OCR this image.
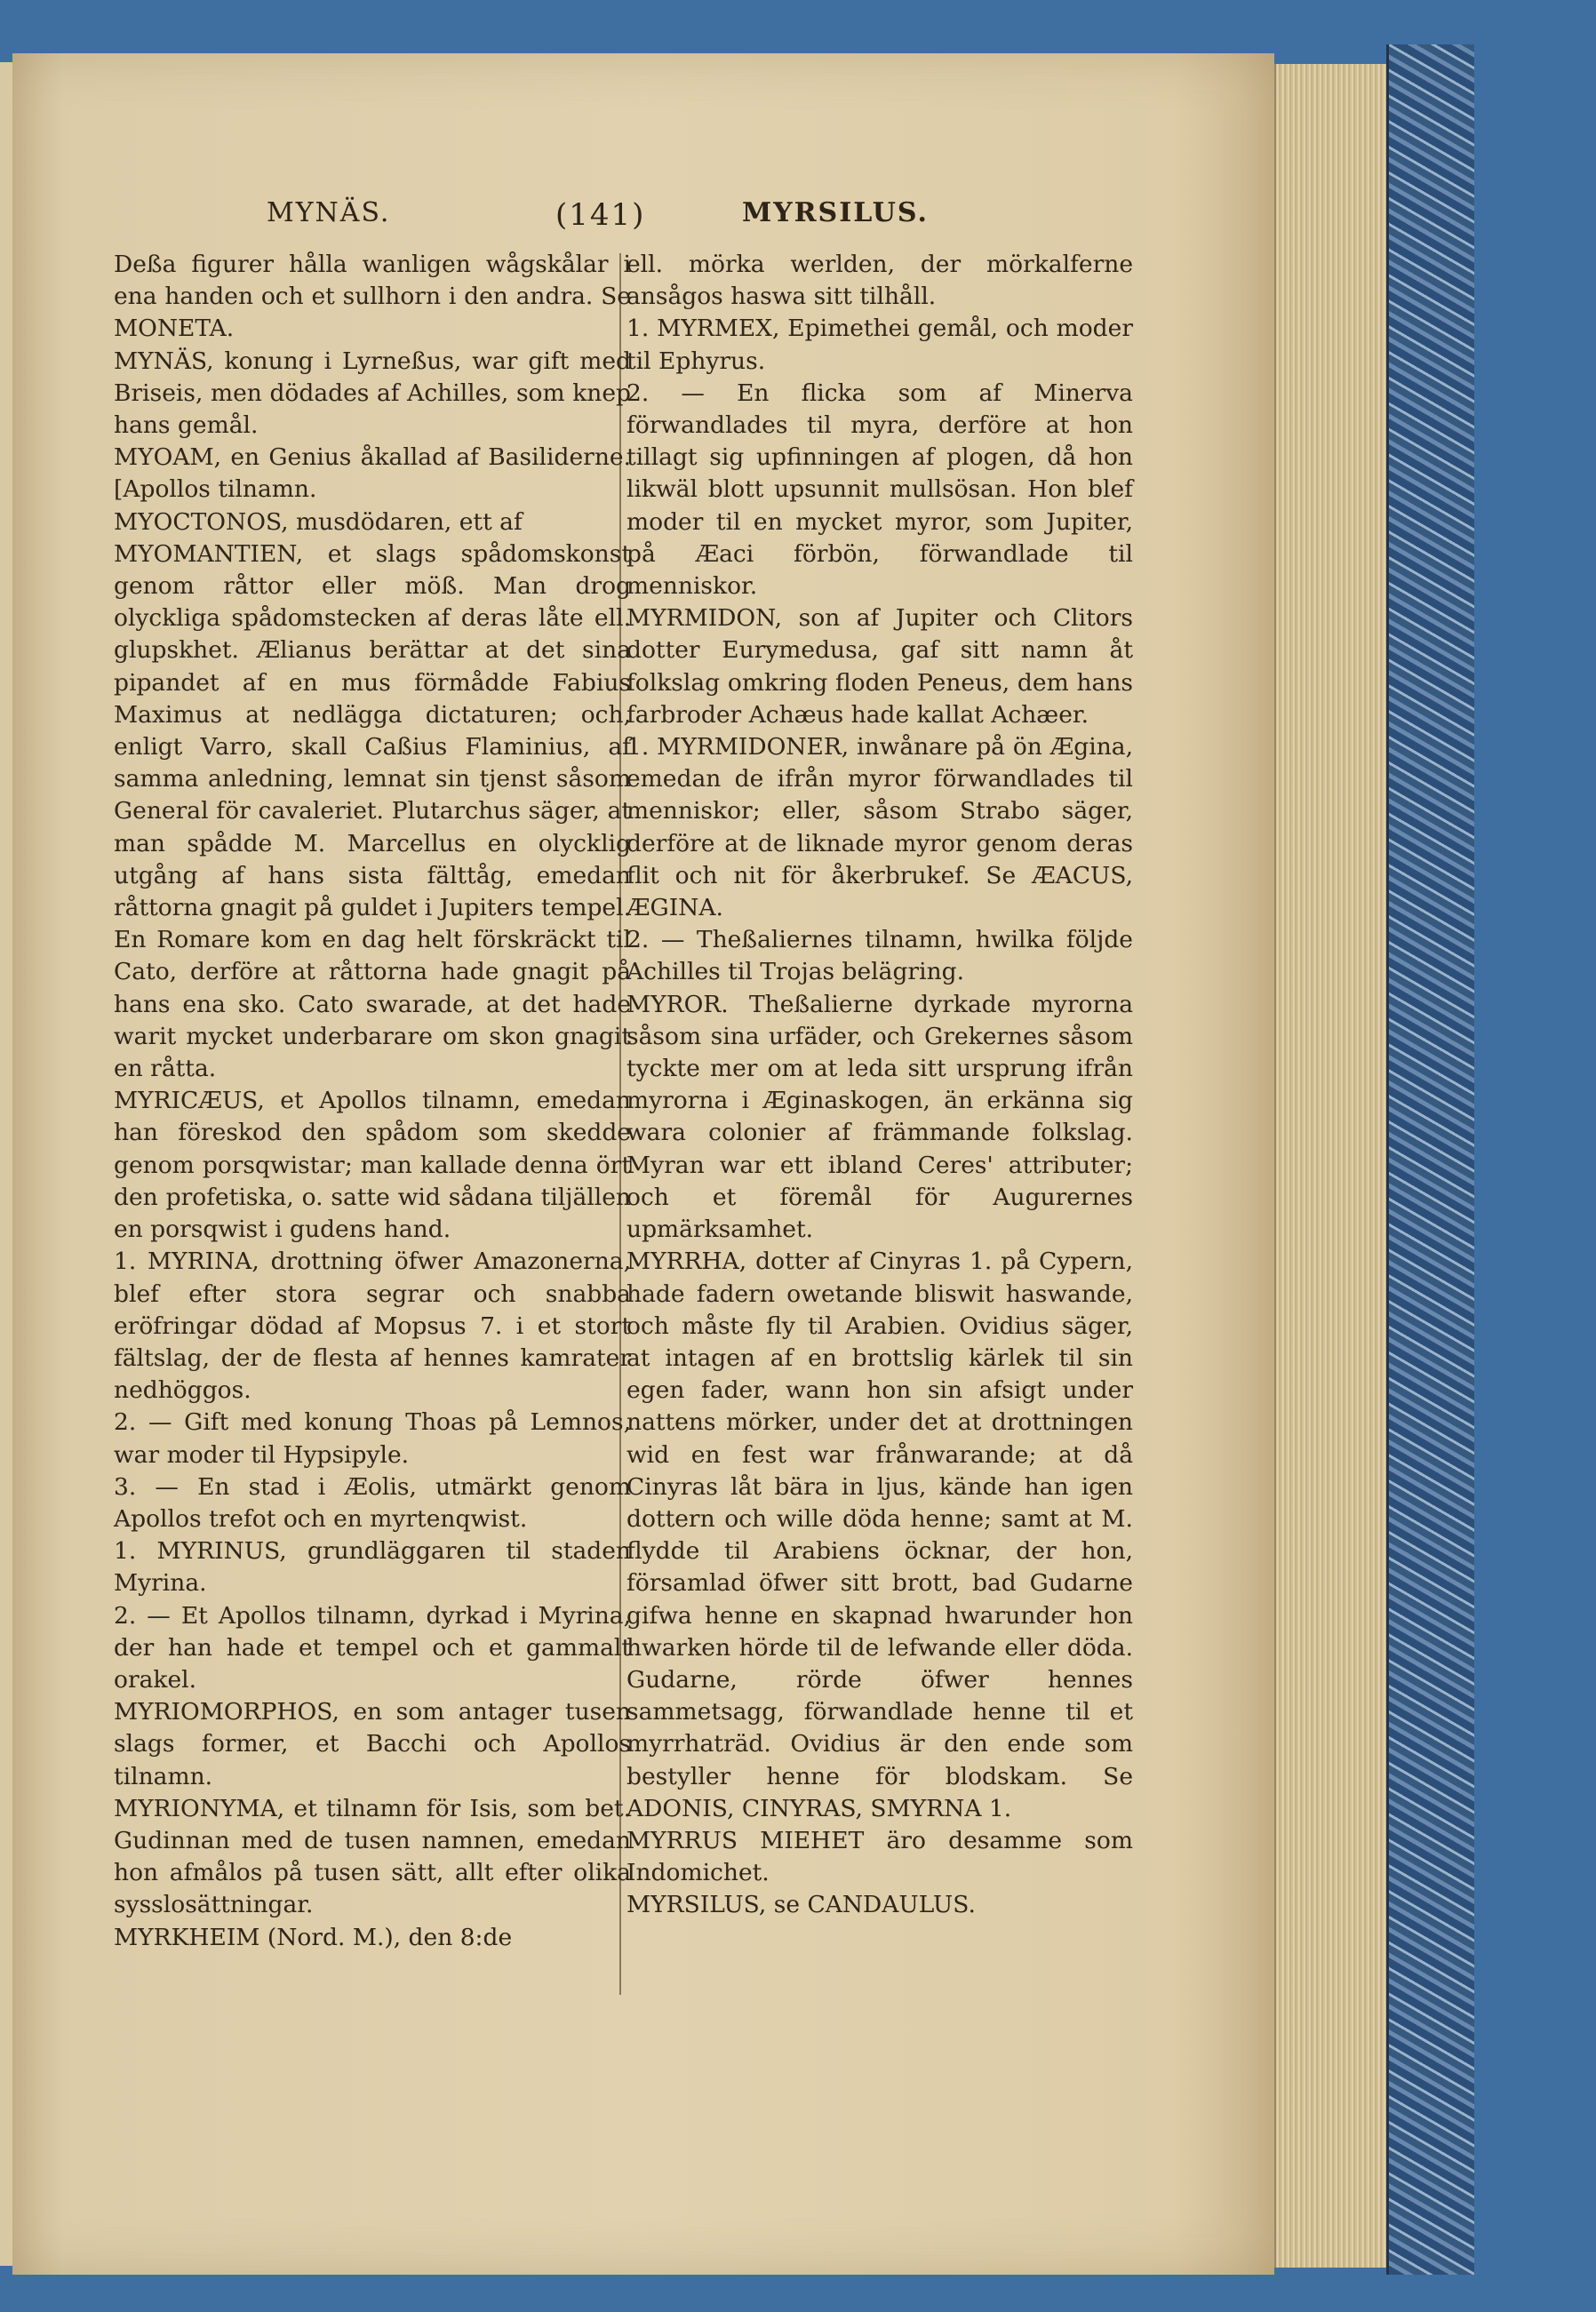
MYNÄS.	(141)	MYRSILUS.

Deßa figurer hålla wanligen wågskålar i ena handen och et sullhorn i den andra. Se MONETA.

MYNÄS, konung i Lyrneßus, war gift med Briseis, men dödades af Achilles, som knep hans gemål.

MYOAM, en Genius åkallad af Basiliderne. [Apollos tilnamn.

MYOCTONOS, musdödaren, ett af

MYOMANTIEN, et slags spådomskonst genom råttor eller möß. Man drog olyckliga spådomstecken af deras låte ell. glupskhet. Ælianus berättar at det sina pipandet af en mus förmådde Fabius Maximus at nedlägga dictaturen; och, enligt Varro, skall Caßius Flaminius, af samma anledning, lemnat sin tjenst såsom General för cavaleriet. Plutarchus säger, at man spådde M. Marcellus en olycklig utgång af hans sista fälttåg, emedan råttorna gnagit på guldet i Jupiters tempel. En Romare kom en dag helt förskräckt til Cato, derföre at råttorna hade gnagit på hans ena sko. Cato swarade, at det hade warit mycket underbarare om skon gnagit en råtta.

MYRICÆUS, et Apollos tilnamn, emedan han föreskod den spådom som skedde genom porsqwistar; man kallade denna ört den profetiska, o. satte wid sådana tiljällen en porsqwist i gudens hand.

1. MYRINA, drottning öfwer Amazonerna, blef efter stora segrar och snabba eröfringar dödad af Mopsus 7. i et stort fältslag, der de flesta af hennes kamrater nedhöggos.

2. — Gift med konung Thoas på Lemnos, war moder til Hypsipyle.

3. — En stad i Æolis, utmärkt genom Apollos trefot och en myrtenqwist.

1. MYRINUS, grundläggaren til staden Myrina.

2. — Et Apollos tilnamn, dyrkad i Myrina, der han hade et tempel och et gammalt orakel.

MYRIOMORPHOS, en som antager tusen slags former, et Bacchi och Apollos tilnamn.

MYRIONYMA, et tilnamn för Isis, som bet. Gudinnan med de tusen namnen, emedan hon afmålos på tusen sätt, allt efter olika sysslosättningar.

MYRKHEIM (Nord. M.), den 8:de

ell. mörka werlden, der mörkalferne ansågos haswa sitt tilhåll.

1. MYRMEX, Epimethei gemål, och moder til Ephyrus.

2. — En flicka som af Minerva förwandlades til myra, derföre at hon tillagt sig upfinningen af plogen, då hon likwäl blott upsunnit mullsösan. Hon blef moder til en mycket myror, som Jupiter, på Æaci förbön, förwandlade til menniskor.

MYRMIDON, son af Jupiter och Clitors dotter Eurymedusa, gaf sitt namn åt folkslag omkring floden Peneus, dem hans farbroder Achæus hade kallat Achæer.

1. MYRMIDONER, inwånare på ön Ægina, emedan de ifrån myror förwandlades til menniskor; eller, såsom Strabo säger, derföre at de liknade myror genom deras flit och nit för åkerbrukef. Se ÆACUS, ÆGINA.

2. — Theßaliernes tilnamn, hwilka följde Achilles til Trojas belägring.

MYROR. Theßalierne dyrkade myrorna såsom sina urfäder, och Grekernes såsom tyckte mer om at leda sitt ursprung ifrån myrorna i Æginaskogen, än erkänna sig wara colonier af främmande folkslag. Myran war ett ibland Ceres' attributer; och et föremål för Augurernes upmärksamhet.

MYRRHA, dotter af Cinyras 1. på Cypern, hade fadern owetande bliswit haswande, och måste fly til Arabien. Ovidius säger, at intagen af en brottslig kärlek til sin egen fader, wann hon sin afsigt under nattens mörker, under det at drottningen wid en fest war frånwarande; at då Cinyras låt bära in ljus, kände han igen dottern och wille döda henne; samt at M. flydde til Arabiens öcknar, der hon, församlad öfwer sitt brott, bad Gudarne gifwa henne en skapnad hwarunder hon hwarken hörde til de lefwande eller döda. Gudarne, rörde öfwer hennes sammetsagg, förwandlade henne til et myrrhaträd. Ovidius är den ende som bestyller henne för blodskam. Se ADONIS, CINYRAS, SMYRNA 1.

MYRRUS MIEHET äro desamme som Indomichet.

MYRSILUS, se CANDAULUS.
